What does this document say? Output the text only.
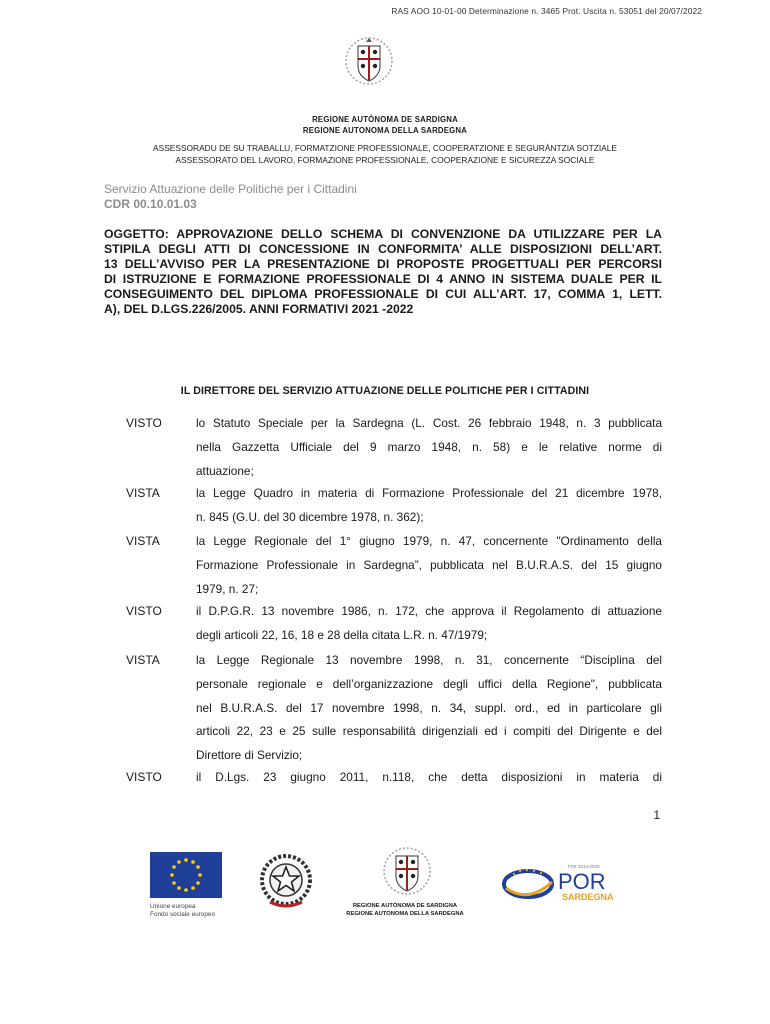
RAS AOO 10-01-00 Determinazione n. 3465 Prot. Uscita n. 53051 del 20/07/2022
REGIONE AUTÒNOMA DE SARDIGNA
REGIONE AUTONOMA DELLA SARDEGNA
ASSESSORADU DE SU TRABALLU, FORMATZIONE PROFESSIONALE, COOPERATZIONE E SEGURÀNTZIA SOTZIALE
ASSESSORATO DEL LAVORO, FORMAZIONE PROFESSIONALE, COOPERAZIONE E SICUREZZA SOCIALE
Servizio Attuazione delle Politiche per i Cittadini
CDR 00.10.01.03
OGGETTO: APPROVAZIONE DELLO SCHEMA DI CONVENZIONE DA UTILIZZARE PER LA
STIPILA DEGLI ATTI DI CONCESSIONE IN CONFORMITA’ ALLE DISPOSIZIONI DELL’ART.
13 DELL’AVVISO PER LA PRESENTAZIONE DI PROPOSTE PROGETTUALI PER PERCORSI
DI ISTRUZIONE E FORMAZIONE PROFESSIONALE DI 4 ANNO IN SISTEMA DUALE PER IL
CONSEGUIMENTO DEL DIPLOMA PROFESSIONALE DI CUI ALL’ART. 17, COMMA 1, LETT.
A), DEL D.LGS.226/2005. ANNI FORMATIVI 2021 -2022
IL DIRETTORE DEL SERVIZIO ATTUAZIONE DELLE POLITICHE PER I CITTADINI
VISTO	lo Statuto Speciale per la Sardegna (L. Cost. 26 febbraio 1948, n. 3 pubblicata
nella Gazzetta Ufficiale del 9 marzo 1948, n. 58) e le relative norme di
attuazione;
VISTA	la Legge Quadro in materia di Formazione Professionale del 21 dicembre 1978,
n. 845 (G.U. del 30 dicembre 1978, n. 362);
VISTA	la Legge Regionale del 1° giugno 1979, n. 47, concernente "Ordinamento della
Formazione Professionale in Sardegna”, pubblicata nel B.U.R.A.S. del 15 giugno
1979, n. 27;
VISTO	il D.P.G.R. 13 novembre 1986, n. 172, che approva il Regolamento di attuazione
degli articoli 22, 16, 18 e 28 della citata L.R. n. 47/1979;
VISTA	la Legge Regionale 13 novembre 1998, n. 31, concernente “Disciplina del
personale regionale e dell’organizzazione degli uffici della Regione", pubblicata
nel B.U.R.A.S. del 17 novembre 1998, n. 34, suppl. ord., ed in particolare gli
articoli 22, 23 e 25 sulle responsabilità dirigenziali ed i compiti del Dirigente e del
Direttore di Servizio;
VISTO	il D.Lgs. 23 giugno 2011, n.118, che detta disposizioni in materia di
1
Unione europea
Fondo sociale europeo
REGIONE AUTÒNOMA DE SARDIGNA
REGIONE AUTONOMA DELLA SARDEGNA
FSE 2014-2020
POR
SARDEGNA
